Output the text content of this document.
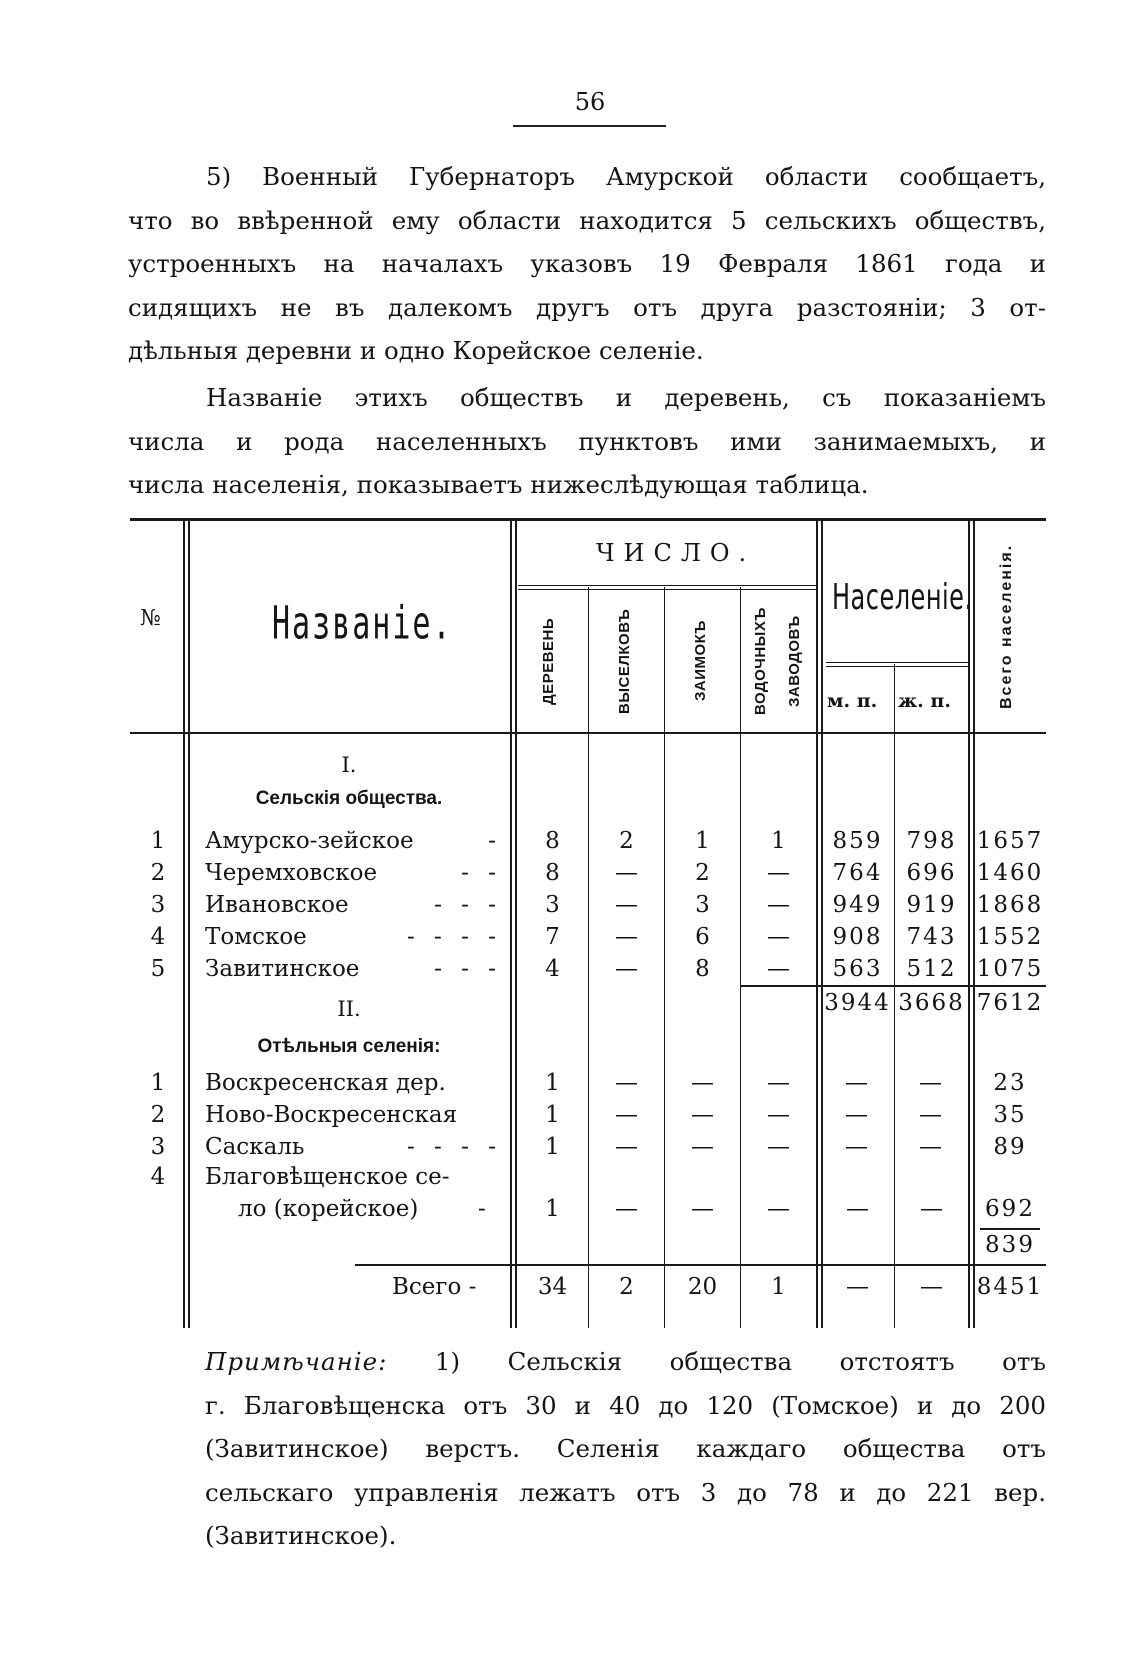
56
5) Военный Губернаторъ Амурской области сообщаетъ,
что во ввѣренной ему области находится 5 сельскихъ обществъ,
устроенныхъ на началахъ указовъ 19 Февраля 1861 года и
сидящихъ не въ далекомъ другъ отъ друга разстояніи; 3 от-
дѣльныя деревни и одно Корейское селеніе.
Названіе этихъ обществъ и деревень, съ показаніемъ
числа и рода населенныхъ пунктовъ ими занимаемыхъ, и
числа населенія, показываетъ нижеслѣдующая таблица.
№	Названіе.
ЧИСЛО.
ДЕРЕВЕНЬ	ВЫСЕЛКОВЪ	ЗАИМОКЪ	ВОДОЧНЫХЪ ЗАВОДОВЪ
Населеніе.
м. п. ж. п.	Всего населенія.
I.
Сельскія общества.
1	Амурско-зейское	-	8	2	1	1	859	798 1657
2	Черемховское	- -	8	—	2	—	764	696 1460
3	Ивановское	- - -	3	—	3	—	949	919 1868
4	Томское	- - - -	7	—	6	—	908	743 1552
5	Завитинское	- - -	4	—	8	—	563	512 1075
3944 3668 7612
II.
Отѣльныя селенія:
1	Воскресенская дер.	1	—	—	—	—	—	23
2	Ново-Воскресенская	1	—	—	—	—	—	35
3	Саскаль	- - - -	1	—	—	—	—	—	89
4	Благовѣщенское се-
ло (корейское)	-	1	—	—	—	—	—	692
839
Всего -	34	2	20	1	—	—	8451
Примѣчаніе: 1) Сельскія общества отстоятъ отъ
г. Благовѣщенска отъ 30 и 40 до 120 (Томское) и до 200
(Завитинское) верстъ. Селенія каждаго общества отъ
сельскаго управленія лежатъ отъ 3 до 78 и до 221 вер.
(Завитинское).
